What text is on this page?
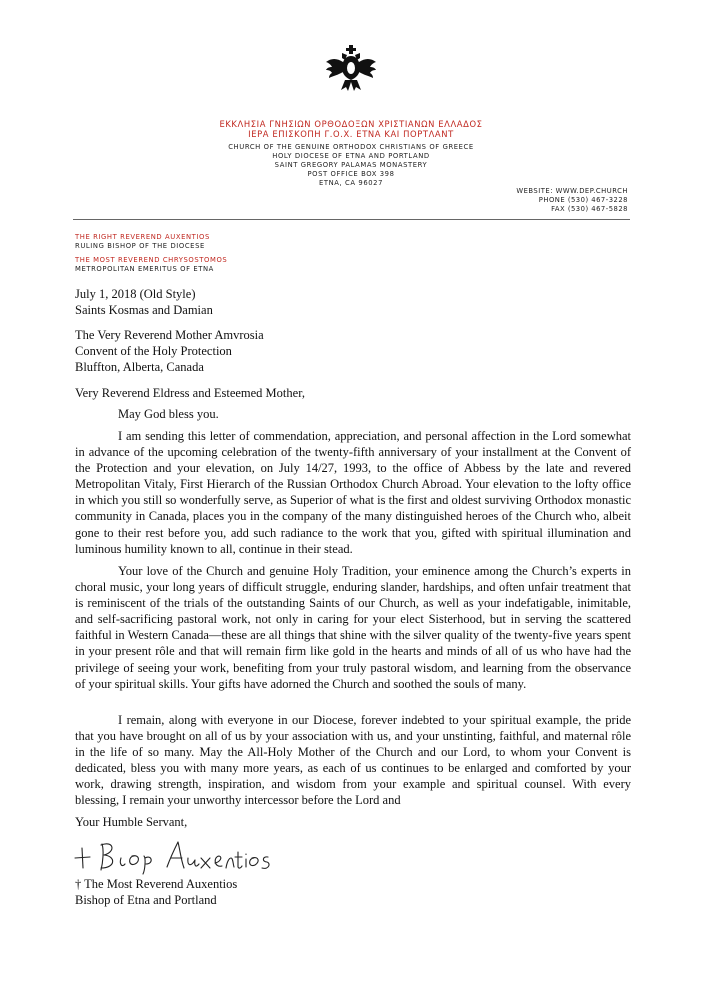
ΕΚΚΛΗΣΙΑ ΓΝΗΣΙΩΝ ΟΡΘΟΔΟΞΩΝ ΧΡΙΣΤΙΑΝΩΝ ΕΛΛΑΔΟΣ
ΙΕΡΑ ΕΠΙΣΚΟΠΗ Γ.Ο.Χ. ΕΤΝΑ ΚΑΙ ΠΟΡΤΛΑΝΤ
CHURCH OF THE GENUINE ORTHODOX CHRISTIANS OF GREECE
HOLY DIOCESE OF ETNA AND PORTLAND
SAINT GREGORY PALAMAS MONASTERY
POST OFFICE BOX 398
ETNA, CA 96027
WEBSITE: WWW.DEP.CHURCH
PHONE (530) 467-3228
FAX (530) 467-5828
THE RIGHT REVEREND AUXENTIOS
RULING BISHOP OF THE DIOCESE
THE MOST REVEREND CHRYSOSTOMOS
METROPOLITAN EMERITUS OF ETNA
July 1, 2018 (Old Style)
Saints Kosmas and Damian
The Very Reverend Mother Amvrosia
Convent of the Holy Protection
Bluffton, Alberta, Canada
Very Reverend Eldress and Esteemed Mother,
May God bless you.

I am sending this letter of commendation, appreciation, and personal affection in the Lord somewhat in advance of the upcoming celebration of the twenty-fifth anniversary of your installment at the Convent of the Protection and your elevation, on July 14/27, 1993, to the office of Abbess by the late and revered Metropolitan Vitaly, First Hierarch of the Russian Orthodox Church Abroad. Your elevation to the lofty office in which you still so wonderfully serve, as Superior of what is the first and oldest surviving Orthodox monastic community in Canada, places you in the company of the many distinguished heroes of the Church who, albeit gone to their rest before you, add such radiance to the work that you, gifted with spiritual illumination and luminous humility known to all, continue in their stead.

Your love of the Church and genuine Holy Tradition, your eminence among the Church’s experts in choral music, your long years of difficult struggle, enduring slander, hardships, and often unfair treatment that is reminiscent of the trials of the outstanding Saints of our Church, as well as your indefatigable, inimitable, and self-sacrificing pastoral work, not only in caring for your elect Sisterhood, but in serving the scattered faithful in Western Canada—these are all things that shine with the silver quality of the twenty-five years spent in your present rôle and that will remain firm like gold in the hearts and minds of all of us who have had the privilege of seeing your work, benefiting from your truly pastoral wisdom, and learning from the observance of your spiritual skills. Your gifts have adorned the Church and soothed the souls of many.

I remain, along with everyone in our Diocese, forever indebted to your spiritual example, the pride that you have brought on all of us by your association with us, and your unstinting, faithful, and maternal rôle in the life of so many. May the All-Holy Mother of the Church and our Lord, to whom your Convent is dedicated, bless you with many more years, as each of us continues to be enlarged and comforted by your work, drawing strength, inspiration, and wisdom from your example and spiritual counsel. With every blessing, I remain your unworthy intercessor before the Lord and

Your Humble Servant,
† The Most Reverend Auxentios
Bishop of Etna and Portland
